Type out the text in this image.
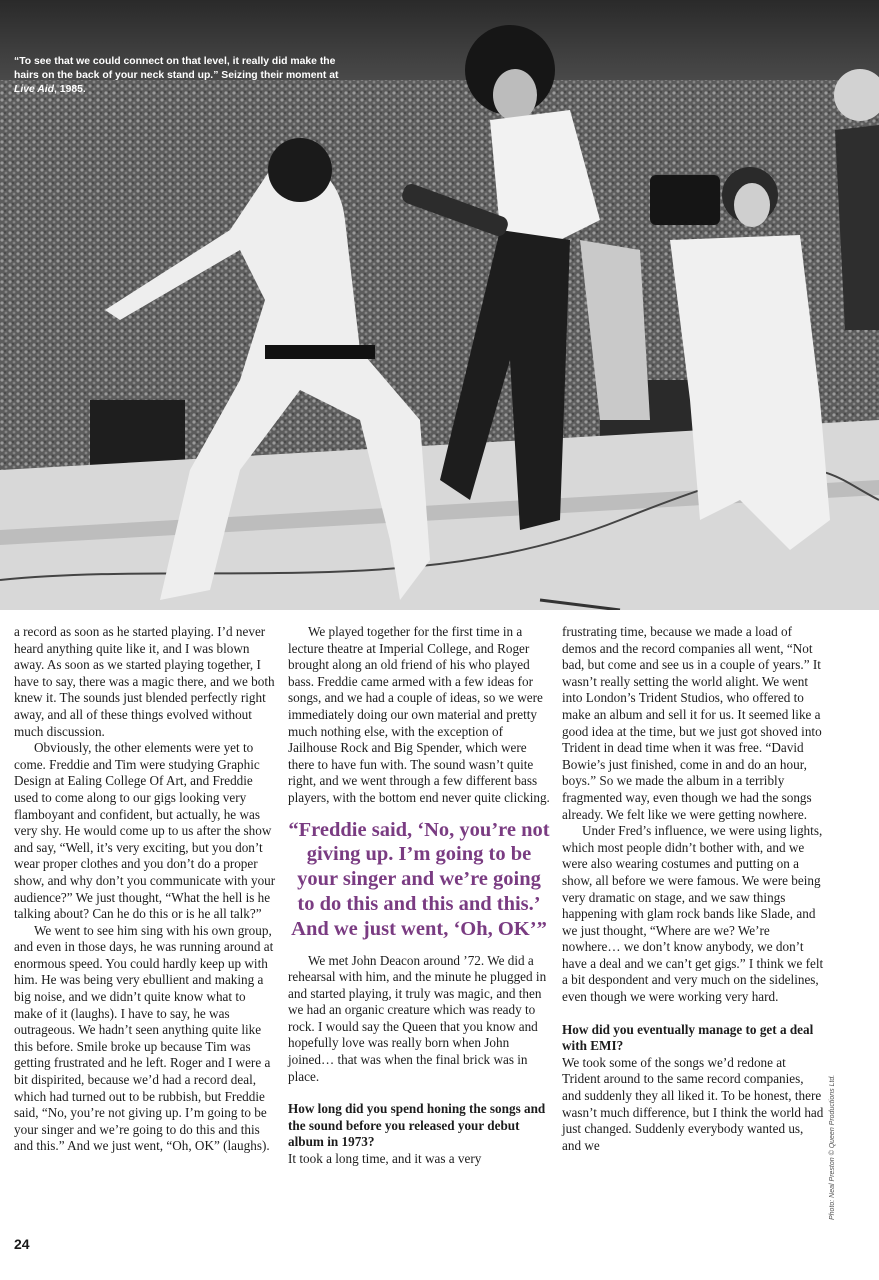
“To see that we could connect on that level, it really did make the hairs on the back of your neck stand up.” Seizing their moment at Live Aid, 1985.

a record as soon as he started playing. I’d never heard anything quite like it, and I was blown away. As soon as we started playing together, I have to say, there was a magic there, and we both knew it. The sounds just blended perfectly right away, and all of these things evolved without much discussion.

Obviously, the other elements were yet to come. Freddie and Tim were studying Graphic Design at Ealing College Of Art, and Freddie used to come along to our gigs looking very flamboyant and confident, but actually, he was very shy. He would come up to us after the show and say, “Well, it’s very exciting, but you don’t wear proper clothes and you don’t do a proper show, and why don’t you communicate with your audience?” We just thought, “What the hell is he talking about? Can he do this or is he all talk?”

We went to see him sing with his own group, and even in those days, he was running around at enormous speed. You could hardly keep up with him. He was being very ebullient and making a big noise, and we didn’t quite know what to make of it (laughs). I have to say, he was outrageous. We hadn’t seen anything quite like this before. Smile broke up because Tim was getting frustrated and he left. Roger and I were a bit dispirited, because we’d had a record deal, which had turned out to be rubbish, but Freddie said, “No, you’re not giving up. I’m going to be your singer and we’re going to do this and this and this.” And we just went, “Oh, OK” (laughs).

We played together for the first time in a lecture theatre at Imperial College, and Roger brought along an old friend of his who played bass. Freddie came armed with a few ideas for songs, and we had a couple of ideas, so we were immediately doing our own material and pretty much nothing else, with the exception of Jailhouse Rock and Big Spender, which were there to have fun with. The sound wasn’t quite right, and we went through a few different bass players, with the bottom end never quite clicking.

“Freddie said, ‘No, you’re not giving up. I’m going to be your singer and we’re going to do this and this and this.’ And we just went, ‘Oh, OK’”

We met John Deacon around ’72. We did a rehearsal with him, and the minute he plugged in and started playing, it truly was magic, and then we had an organic creature which was ready to rock. I would say the Queen that you know and hopefully love was really born when John joined… that was when the final brick was in place.

How long did you spend honing the songs and the sound before you released your debut album in 1973?

It took a long time, and it was a very

frustrating time, because we made a load of demos and the record companies all went, “Not bad, but come and see us in a couple of years.” It wasn’t really setting the world alight. We went into London’s Trident Studios, who offered to make an album and sell it for us. It seemed like a good idea at the time, but we just got shoved into Trident in dead time when it was free. “David Bowie’s just finished, come in and do an hour, boys.” So we made the album in a terribly fragmented way, even though we had the songs already. We felt like we were getting nowhere.

Under Fred’s influence, we were using lights, which most people didn’t bother with, and we were also wearing costumes and putting on a show, all before we were famous. We were being very dramatic on stage, and we saw things happening with glam rock bands like Slade, and we just thought, “Where are we? We’re nowhere… we don’t know anybody, we don’t have a deal and we can’t get gigs.” I think we felt a bit despondent and very much on the sidelines, even though we were working very hard.

How did you eventually manage to get a deal with EMI?

We took some of the songs we’d redone at Trident around to the same record companies, and suddenly they all liked it. To be honest, there wasn’t much difference, but I think the world had just changed. Suddenly everybody wanted us, and we

24
Photo: Neal Preston © Queen Productions Ltd.
